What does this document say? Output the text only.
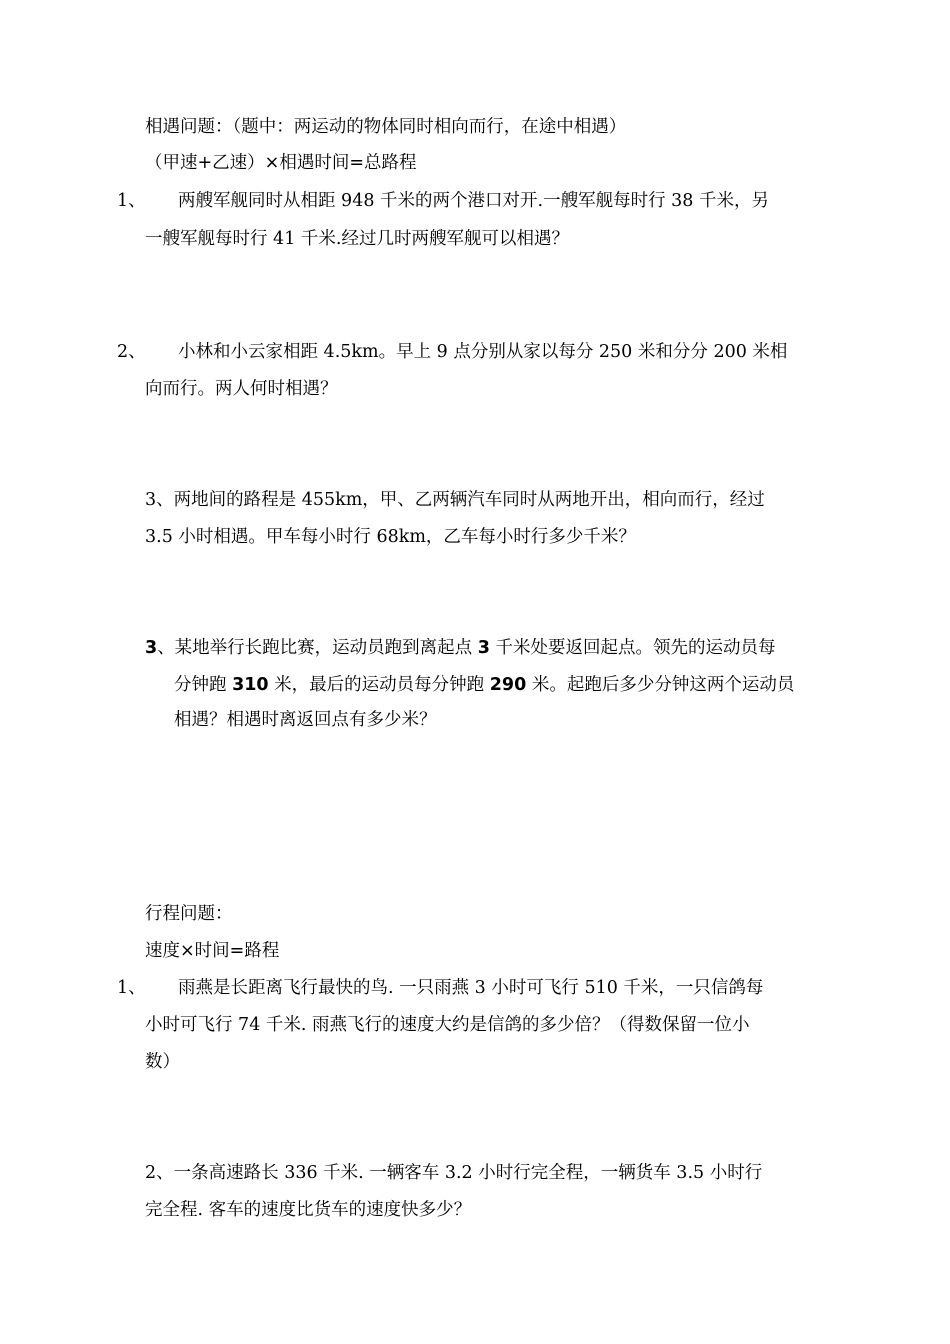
相遇问题：（题中：两运动的物体同时相向而行，在途中相遇）
（甲速+乙速）×相遇时间=总路程
1、 两艘军舰同时从相距 948 千米的两个港口对开.一艘军舰每时行 38 千米，另
一艘军舰每时行 41 千米.经过几时两艘军舰可以相遇？
2、 小林和小云家相距 4.5km。早上 9 点分别从家以每分 250 米和分分 200 米相
向而行。两人何时相遇？
3、两地间的路程是 455km，甲、乙两辆汽车同时从两地开出，相向而行，经过
3.5 小时相遇。甲车每小时行 68km，乙车每小时行多少千米？
3、某地举行长跑比赛，运动员跑到离起点 3 千米处要返回起点。领先的运动员每
分钟跑 310 米，最后的运动员每分钟跑 290 米。起跑后多少分钟这两个运动员
相遇？相遇时离返回点有多少米？
行程问题：
速度×时间=路程
1、 雨燕是长距离飞行最快的鸟. 一只雨燕 3 小时可飞行 510 千米，一只信鸽每
小时可飞行 74 千米. 雨燕飞行的速度大约是信鸽的多少倍？（得数保留一位小
数）
2、一条高速路长 336 千米. 一辆客车 3.2 小时行完全程，一辆货车 3.5 小时行
完全程. 客车的速度比货车的速度快多少？
